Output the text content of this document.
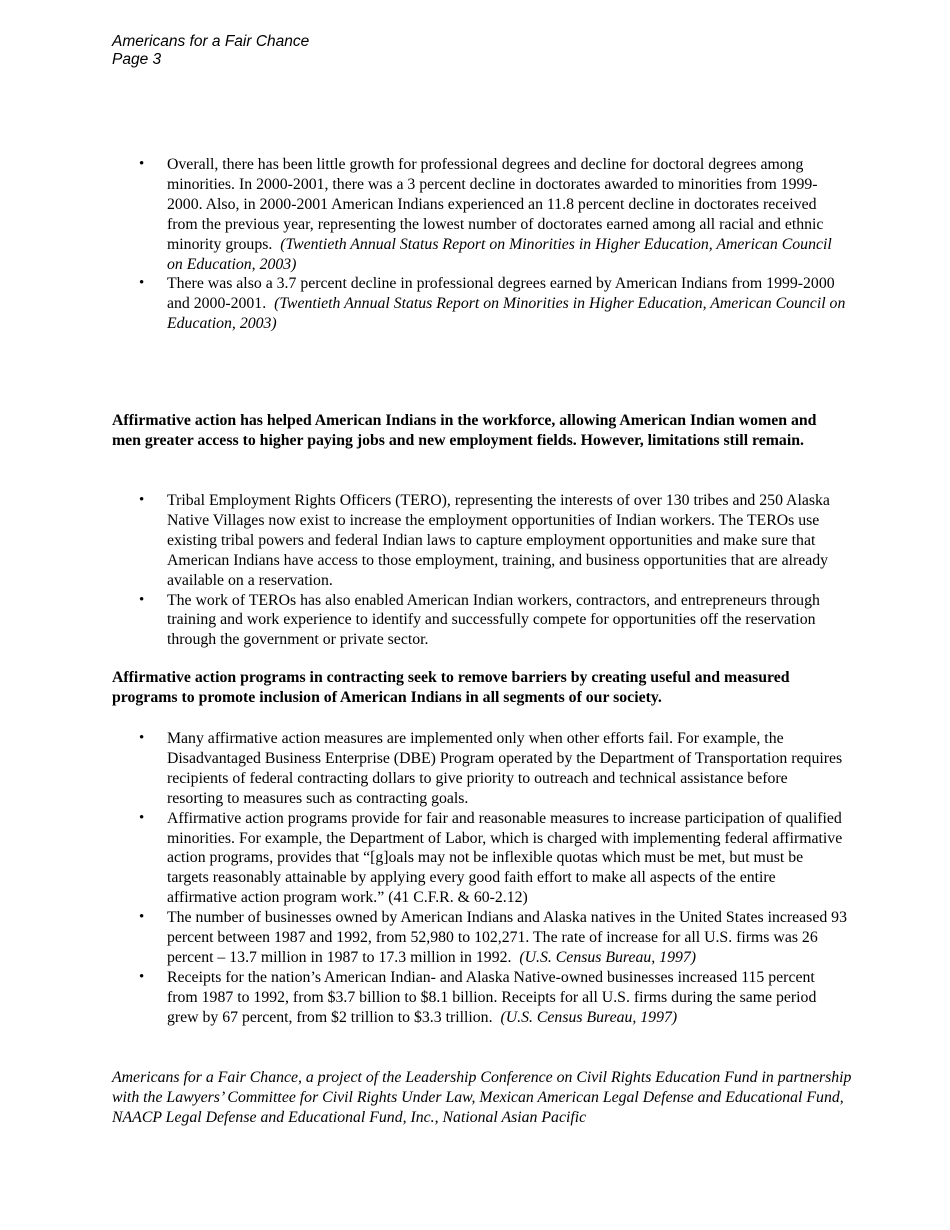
Americans for a Fair Chance
Page 3
• Overall, there has been little growth for professional degrees and decline for doctoral degrees among minorities. In 2000-2001, there was a 3 percent decline in doctorates awarded to minorities from 1999-2000. Also, in 2000-2001 American Indians experienced an 11.8 percent decline in doctorates received from the previous year, representing the lowest number of doctorates earned among all racial and ethnic minority groups. (Twentieth Annual Status Report on Minorities in Higher Education, American Council on Education, 2003)
• There was also a 3.7 percent decline in professional degrees earned by American Indians from 1999-2000 and 2000-2001. (Twentieth Annual Status Report on Minorities in Higher Education, American Council on Education, 2003)
Affirmative action has helped American Indians in the workforce, allowing American Indian women and men greater access to higher paying jobs and new employment fields. However, limitations still remain.
• Tribal Employment Rights Officers (TERO), representing the interests of over 130 tribes and 250 Alaska Native Villages now exist to increase the employment opportunities of Indian workers. The TEROs use existing tribal powers and federal Indian laws to capture employment opportunities and make sure that American Indians have access to those employment, training, and business opportunities that are already available on a reservation.
• The work of TEROs has also enabled American Indian workers, contractors, and entrepreneurs through training and work experience to identify and successfully compete for opportunities off the reservation through the government or private sector.
Affirmative action programs in contracting seek to remove barriers by creating useful and measured programs to promote inclusion of American Indians in all segments of our society.
• Many affirmative action measures are implemented only when other efforts fail. For example, the Disadvantaged Business Enterprise (DBE) Program operated by the Department of Transportation requires recipients of federal contracting dollars to give priority to outreach and technical assistance before resorting to measures such as contracting goals.
• Affirmative action programs provide for fair and reasonable measures to increase participation of qualified minorities. For example, the Department of Labor, which is charged with implementing federal affirmative action programs, provides that “[g]oals may not be inflexible quotas which must be met, but must be targets reasonably attainable by applying every good faith effort to make all aspects of the entire affirmative action program work.” (41 C.F.R. & 60-2.12)
• The number of businesses owned by American Indians and Alaska natives in the United States increased 93 percent between 1987 and 1992, from 52,980 to 102,271. The rate of increase for all U.S. firms was 26 percent – 13.7 million in 1987 to 17.3 million in 1992. (U.S. Census Bureau, 1997)
• Receipts for the nation’s American Indian- and Alaska Native-owned businesses increased 115 percent from 1987 to 1992, from $3.7 billion to $8.1 billion. Receipts for all U.S. firms during the same period grew by 67 percent, from $2 trillion to $3.3 trillion. (U.S. Census Bureau, 1997)
Americans for a Fair Chance, a project of the Leadership Conference on Civil Rights Education Fund in partnership with the Lawyers’ Committee for Civil Rights Under Law, Mexican American Legal Defense and Educational Fund, NAACP Legal Defense and Educational Fund, Inc., National Asian Pacific
